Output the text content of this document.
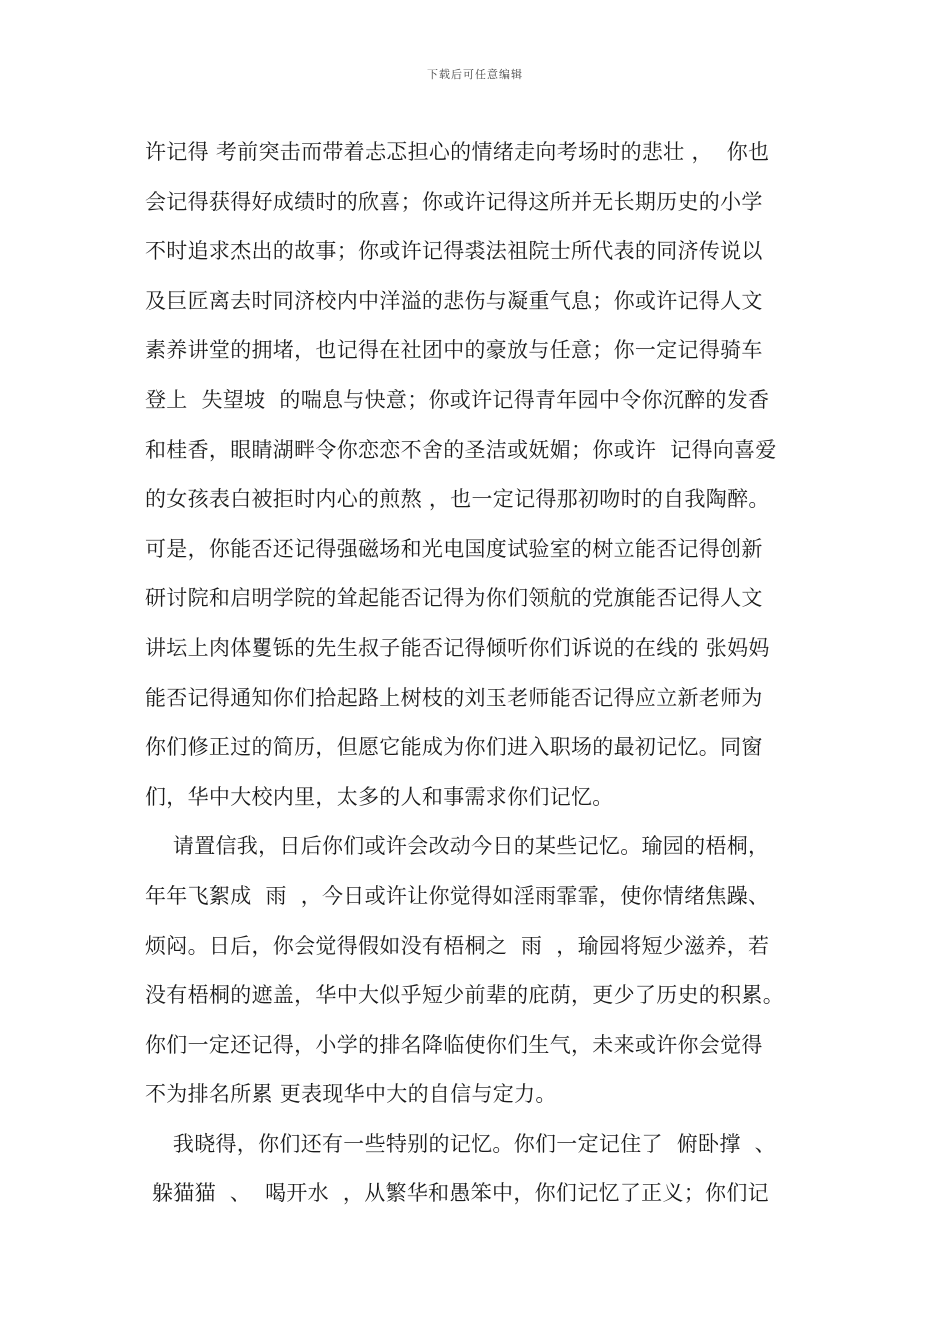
下载后可任意编辑
许记得 考前突击而带着忐忑担心的情绪走向考场时的悲壮 ，  你也
会记得获得好成绩时的欣喜；你或许记得这所并无长期历史的小学
不时追求杰出的故事；你或许记得裘法祖院士所代表的同济传说以
及巨匠离去时同济校内中洋溢的悲伤与凝重气息；你或许记得人文
素养讲堂的拥堵，也记得在社团中的豪放与任意；你一定记得骑车
登上  失望坡  的喘息与快意；你或许记得青年园中令你沉醉的发香
和桂香，眼睛湖畔令你恋恋不舍的圣洁或妩媚；你或许  记得向喜爱
的女孩表白被拒时内心的煎熬 ，也一定记得那初吻时的自我陶醉。
可是，你能否还记得强磁场和光电国度试验室的树立能否记得创新
研讨院和启明学院的耸起能否记得为你们领航的党旗能否记得人文
讲坛上肉体矍铄的先生叔子能否记得倾听你们诉说的在线的 张妈妈
能否记得通知你们拾起路上树枝的刘玉老师能否记得应立新老师为
你们修正过的简历，但愿它能成为你们进入职场的最初记忆。同窗
们，华中大校内里，太多的人和事需求你们记忆。
请置信我，日后你们或许会改动今日的某些记忆。瑜园的梧桐，
年年飞絮成  雨  ，今日或许让你觉得如淫雨霏霏，使你情绪焦躁、
烦闷。日后，你会觉得假如没有梧桐之  雨  ，瑜园将短少滋养，若
没有梧桐的遮盖，华中大似乎短少前辈的庇荫，更少了历史的积累。
你们一定还记得，小学的排名降临使你们生气，未来或许你会觉得
不为排名所累 更表现华中大的自信与定力。
我晓得，你们还有一些特别的记忆。你们一定记住了  俯卧撑  、
躲猫猫  、  喝开水  ，从繁华和愚笨中，你们记忆了正义；你们记
